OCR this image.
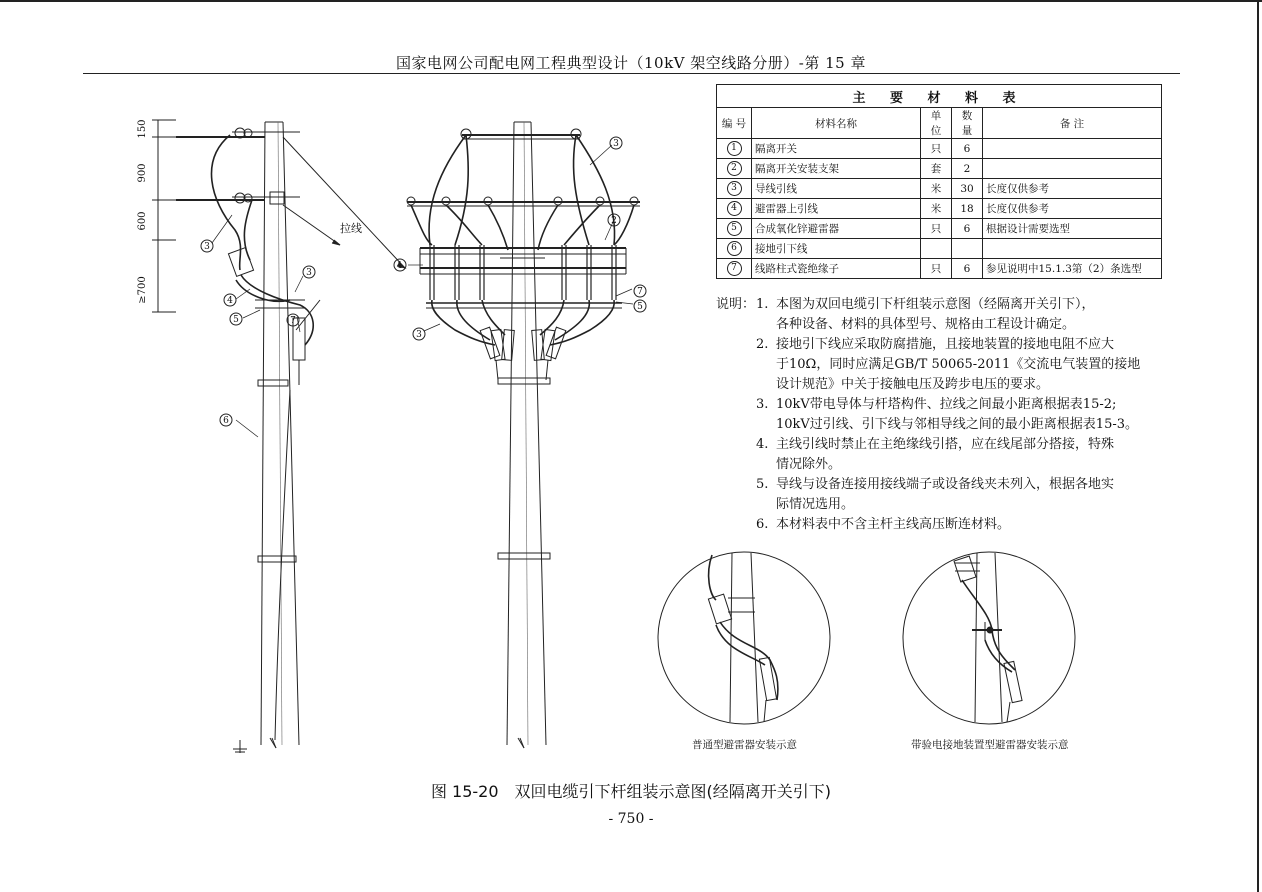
国家电网公司配电网工程典型设计（10kV 架空线路分册）-第 15 章
3
4
5
3
7
6
1
3
2
3
7
5
拉线
150
900
600
≥700
主 要 材 料 表				
编 号	材料名称	单 位	数 量	备 注
1	隔离开关	只	6	
2	隔离开关安装支架	套	2	
3	导线引线	米	30	长度仅供参考
4	避雷器上引线	米	18	长度仅供参考
5	合成氧化锌避雷器	只	6	根据设计需要选型
6	接地引下线			
7	线路柱式瓷绝缘子	只	6	参见说明中15.1.3第（2）条选型
说明： 1. 本图为双回电缆引下杆组装示意图（经隔离开关引下），
各种设备、材料的具体型号、规格由工程设计确定。
2. 接地引下线应采取防腐措施，且接地装置的接地电阻不应大
于10Ω，同时应满足GB/T 50065-2011《交流电气装置的接地
设计规范》中关于接触电压及跨步电压的要求。
3. 10kV带电导体与杆塔构件、拉线之间最小距离根据表15-2;
10kV过引线、引下线与邻相导线之间的最小距离根据表15-3。
4. 主线引线时禁止在主绝缘线引搭，应在线尾部分搭接，特殊
情况除外。
5. 导线与设备连接用接线端子或设备线夹未列入，根据各地实
际情况选用。
6. 本材料表中不含主杆主线高压断连材料。
普通型避雷器安装示意	带验电接地装置型避雷器安装示意
图 15-20　双回电缆引下杆组装示意图(经隔离开关引下)
- 750 -
